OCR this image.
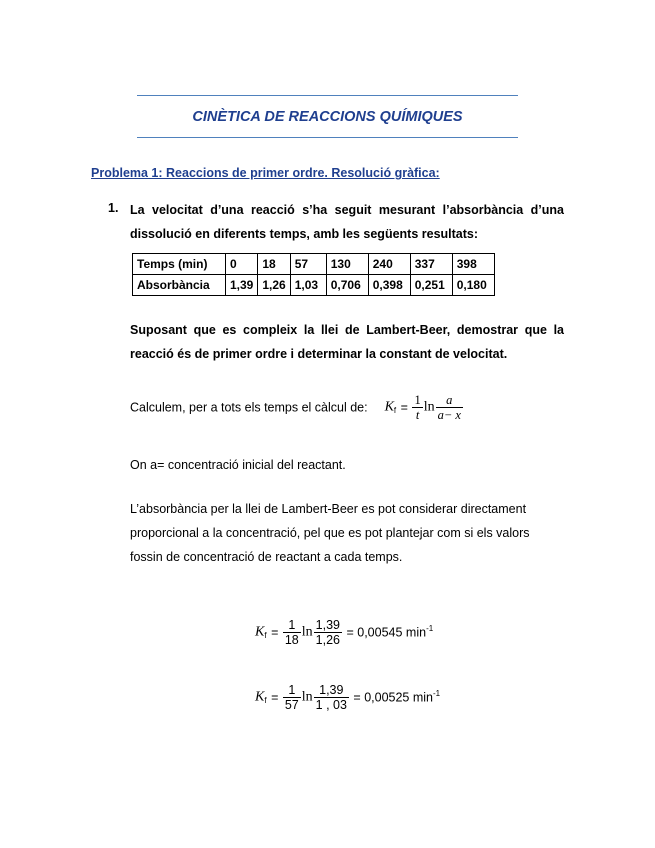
CINÈTICA DE REACCIONS QUÍMIQUES
Problema 1: Reaccions de primer ordre. Resolució gràfica:
1. La velocitat d’una reacció s’ha seguit mesurant l’absorbància d’una dissolució en diferents temps, amb les següents resultats:
Temps (min)	0	18	57	130	240	337	398
Absorbància	1,39	1,26	1,03	0,706	0,398	0,251	0,180
Suposant que es compleix la llei de Lambert-Beer, demostrar que la reacció és de primer ordre i determinar la constant de velocitat.
Calculem, per a tots els temps el càlcul de: $K_f = \frac{1}{t}$ $\ln \frac{a}{a- x}$
On a= concentració inicial del reactant.
L’absorbància per la llei de Lambert-Beer es pot considerar directament proporcional a la concentració, pel que es pot plantejar com si els valors fossin de concentració de reactant a cada temps.
$K_f = \frac{1}{18}$ $\ln \frac{1,39}{1,26} = 0,00545$ $\min^{-1}$
$K_f = \frac{1}{57}$ $\ln \frac{1,39}{1 , 03} = 0,00525$ $\min^{-1}$
